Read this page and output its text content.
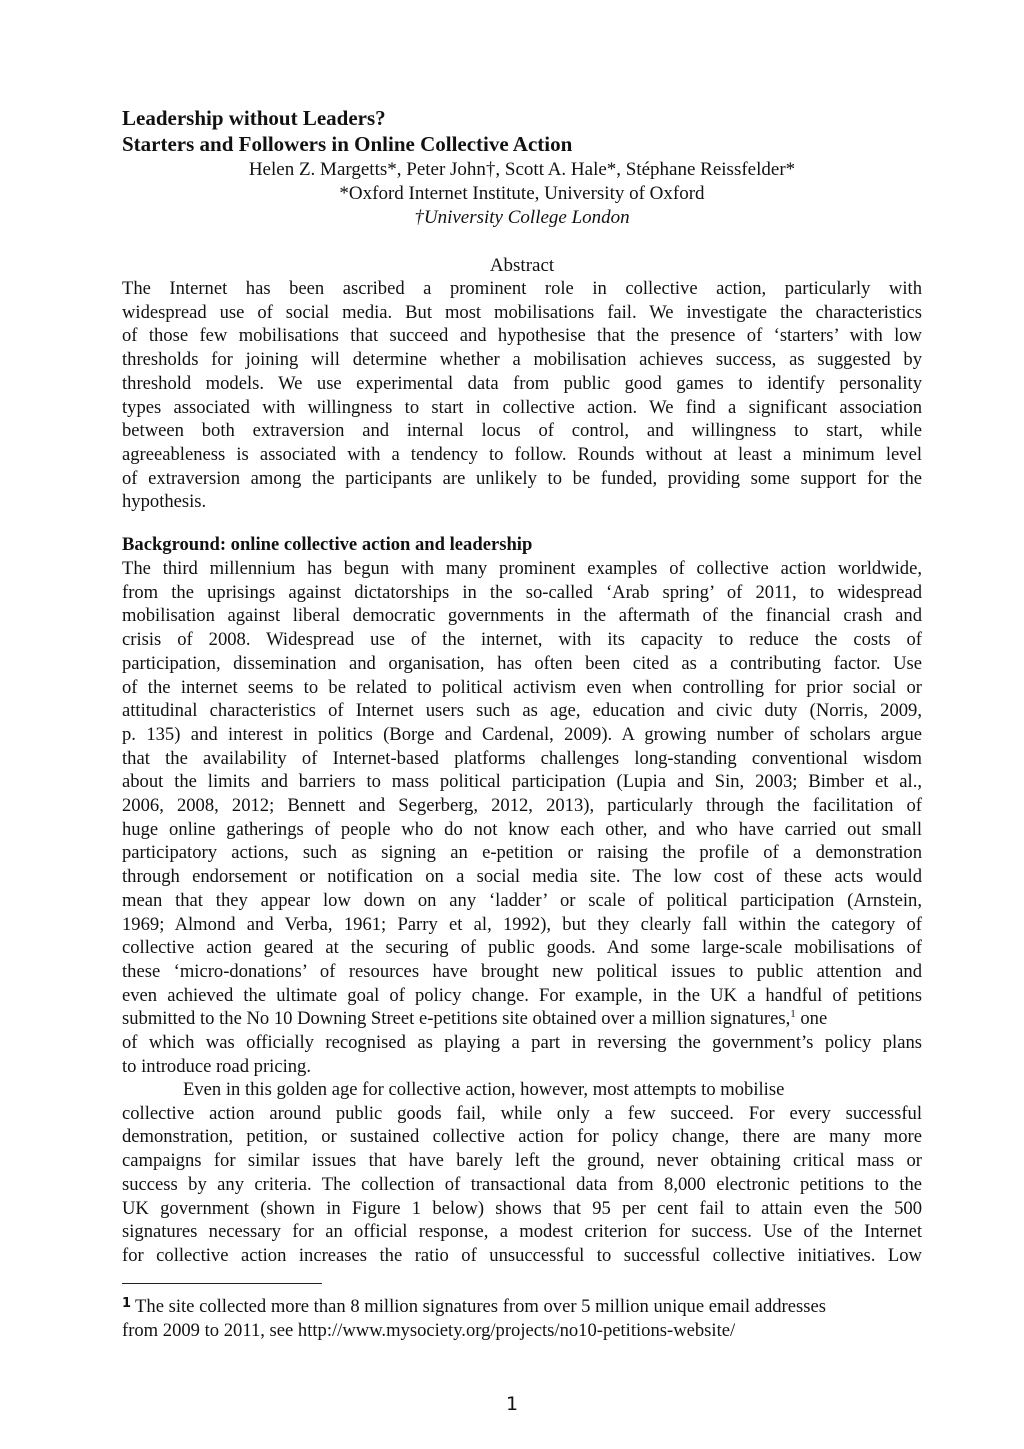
Leadership without Leaders?
Starters and Followers in Online Collective Action
Helen Z. Margetts*, Peter John†, Scott A. Hale*, Stéphane Reissfelder*
*Oxford Internet Institute, University of Oxford
†University College London
Abstract
The Internet has been ascribed a prominent role in collective action, particularly with
widespread use of social media. But most mobilisations fail. We investigate the characteristics
of those few mobilisations that succeed and hypothesise that the presence of ‘starters’ with low
thresholds for joining will determine whether a mobilisation achieves success, as suggested by
threshold models. We use experimental data from public good games to identify personality
types associated with willingness to start in collective action. We find a significant association
between both extraversion and internal locus of control, and willingness to start, while
agreeableness is associated with a tendency to follow. Rounds without at least a minimum level
of extraversion among the participants are unlikely to be funded, providing some support for the
hypothesis.
Background: online collective action and leadership
The third millennium has begun with many prominent examples of collective action worldwide,
from the uprisings against dictatorships in the so-called ‘Arab spring’ of 2011, to widespread
mobilisation against liberal democratic governments in the aftermath of the financial crash and
crisis of 2008. Widespread use of the internet, with its capacity to reduce the costs of
participation, dissemination and organisation, has often been cited as a contributing factor. Use
of the internet seems to be related to political activism even when controlling for prior social or
attitudinal characteristics of Internet users such as age, education and civic duty (Norris, 2009,
p. 135) and interest in politics (Borge and Cardenal, 2009). A growing number of scholars argue
that the availability of Internet-based platforms challenges long-standing conventional wisdom
about the limits and barriers to mass political participation (Lupia and Sin, 2003; Bimber et al.,
2006, 2008, 2012; Bennett and Segerberg, 2012, 2013), particularly through the facilitation of
huge online gatherings of people who do not know each other, and who have carried out small
participatory actions, such as signing an e-petition or raising the profile of a demonstration
through endorsement or notification on a social media site. The low cost of these acts would
mean that they appear low down on any ‘ladder’ or scale of political participation (Arnstein,
1969; Almond and Verba, 1961; Parry et al, 1992), but they clearly fall within the category of
collective action geared at the securing of public goods. And some large-scale mobilisations of
these ‘micro-donations’ of resources have brought new political issues to public attention and
even achieved the ultimate goal of policy change. For example, in the UK a handful of petitions
submitted to the No 10 Downing Street e-petitions site obtained over a million signatures,$^1$ one
of which was officially recognised as playing a part in reversing the government’s policy plans
to introduce road pricing.
Even in this golden age for collective action, however, most attempts to mobilise
collective action around public goods fail, while only a few succeed. For every successful
demonstration, petition, or sustained collective action for policy change, there are many more
campaigns for similar issues that have barely left the ground, never obtaining critical mass or
success by any criteria. The collection of transactional data from 8,000 electronic petitions to the
UK government (shown in Figure 1 below) shows that 95 per cent fail to attain even the 500
signatures necessary for an official response, a modest criterion for success. Use of the Internet
for collective action increases the ratio of unsuccessful to successful collective initiatives. Low
$^1$ The site collected more than 8 million signatures from over 5 million unique email addresses
from 2009 to 2011, see http://www.mysociety.org/projects/no10-petitions-website/
1
